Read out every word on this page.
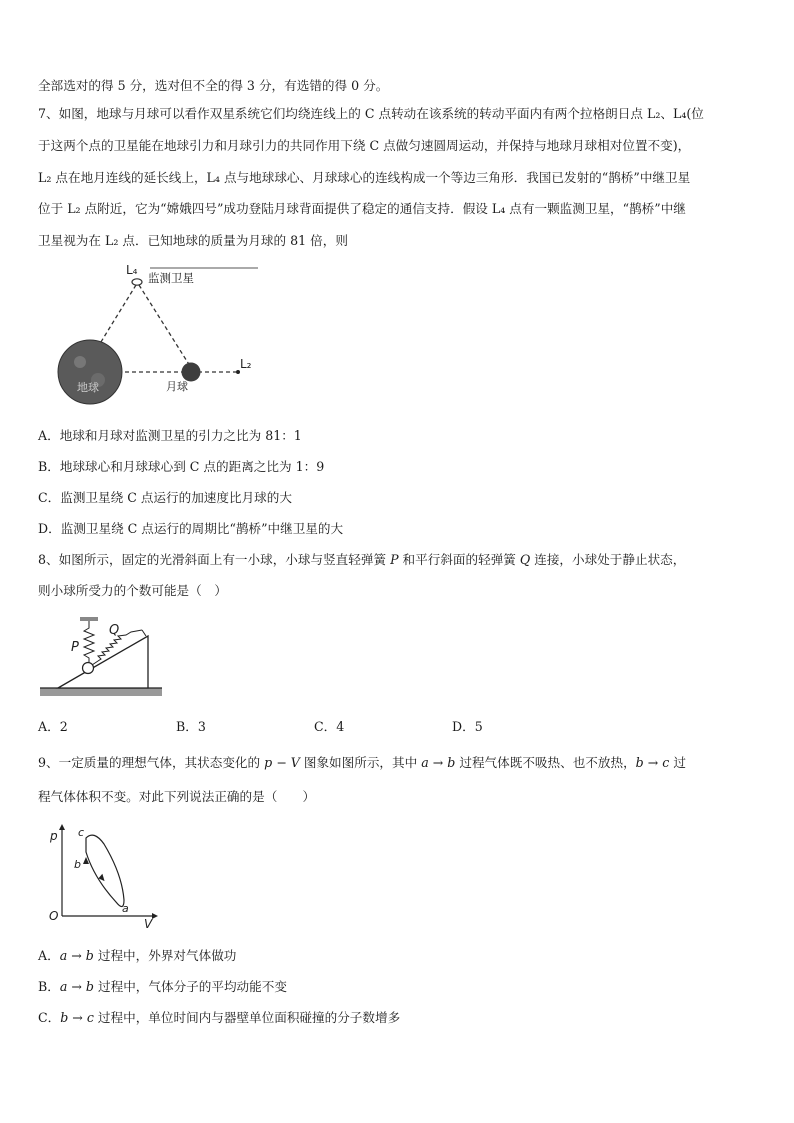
全部选对的得 5 分，选对但不全的得 3 分，有选错的得 0 分。
7、如图，地球与月球可以看作双星系统它们均绕连线上的 C 点转动在该系统的转动平面内有两个拉格朗日点 L₂、L₄(位
于这两个点的卫星能在地球引力和月球引力的共同作用下绕 C 点做匀速圆周运动，并保持与地球月球相对位置不变)，
L₂ 点在地月连线的延长线上，L₄ 点与地球球心、月球球心的连线构成一个等边三角形．我国已发射的“鹊桥”中继卫星
位于 L₂ 点附近，它为“嫦娥四号”成功登陆月球背面提供了稳定的通信支持．假设 L₄ 点有一颗监测卫星，“鹊桥”中继
卫星视为在 L₂ 点．已知地球的质量为月球的 81 倍，则
L₄
监测卫星
地球	月球
L₂
A．地球和月球对监测卫星的引力之比为 81：1
B．地球球心和月球球心到 C 点的距离之比为 1：9
C．监测卫星绕 C 点运行的加速度比月球的大
D．监测卫星绕 C 点运行的周期比“鹊桥”中继卫星的大
8、如图所示，固定的光滑斜面上有一小球，小球与竖直轻弹簧 P 和平行斜面的轻弹簧 Q 连接，小球处于静止状态，
则小球所受力的个数可能是（　）
P
Q
A．2	B．3	C．4	D．5
9、一定质量的理想气体，其状态变化的 p − V 图象如图所示，其中 a → b 过程气体既不吸热、也不放热，b → c 过
程气体体积不变。对此下列说法正确的是（　　）
p
V
O
c
b
a
A．a → b 过程中，外界对气体做功
B．a → b 过程中，气体分子的平均动能不变
C．b → c 过程中，单位时间内与器壁单位面积碰撞的分子数增多
